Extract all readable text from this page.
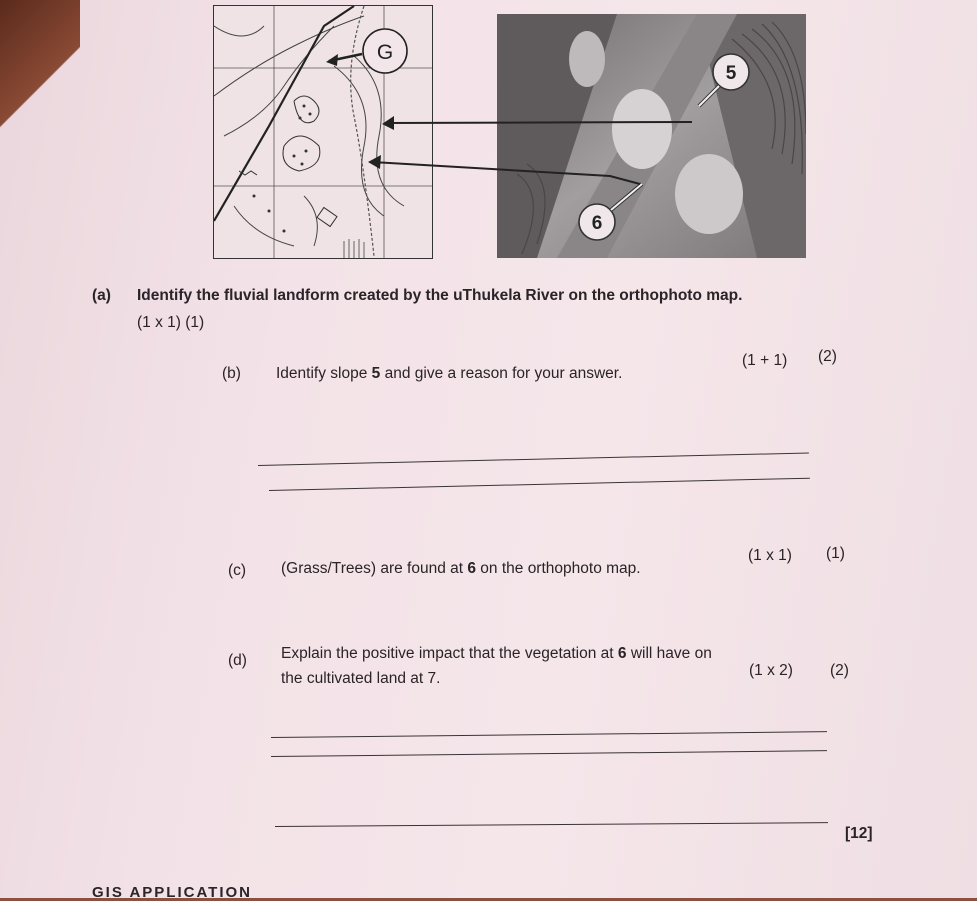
G
5
6
(a) Identify the fluvial landform created by the uThukela River on the orthophoto map.
(1 x 1) (1)
(b) Identify slope 5 and give a reason for your answer.
(1 + 1) (2)
(c) (Grass/Trees) are found at 6 on the orthophoto map.
(1 x 1) (1)
(d) Explain the positive impact that the vegetation at 6 will have on
the cultivated land at 7.	(1 x 2) (2)
[12]
GIS APPLICATION
